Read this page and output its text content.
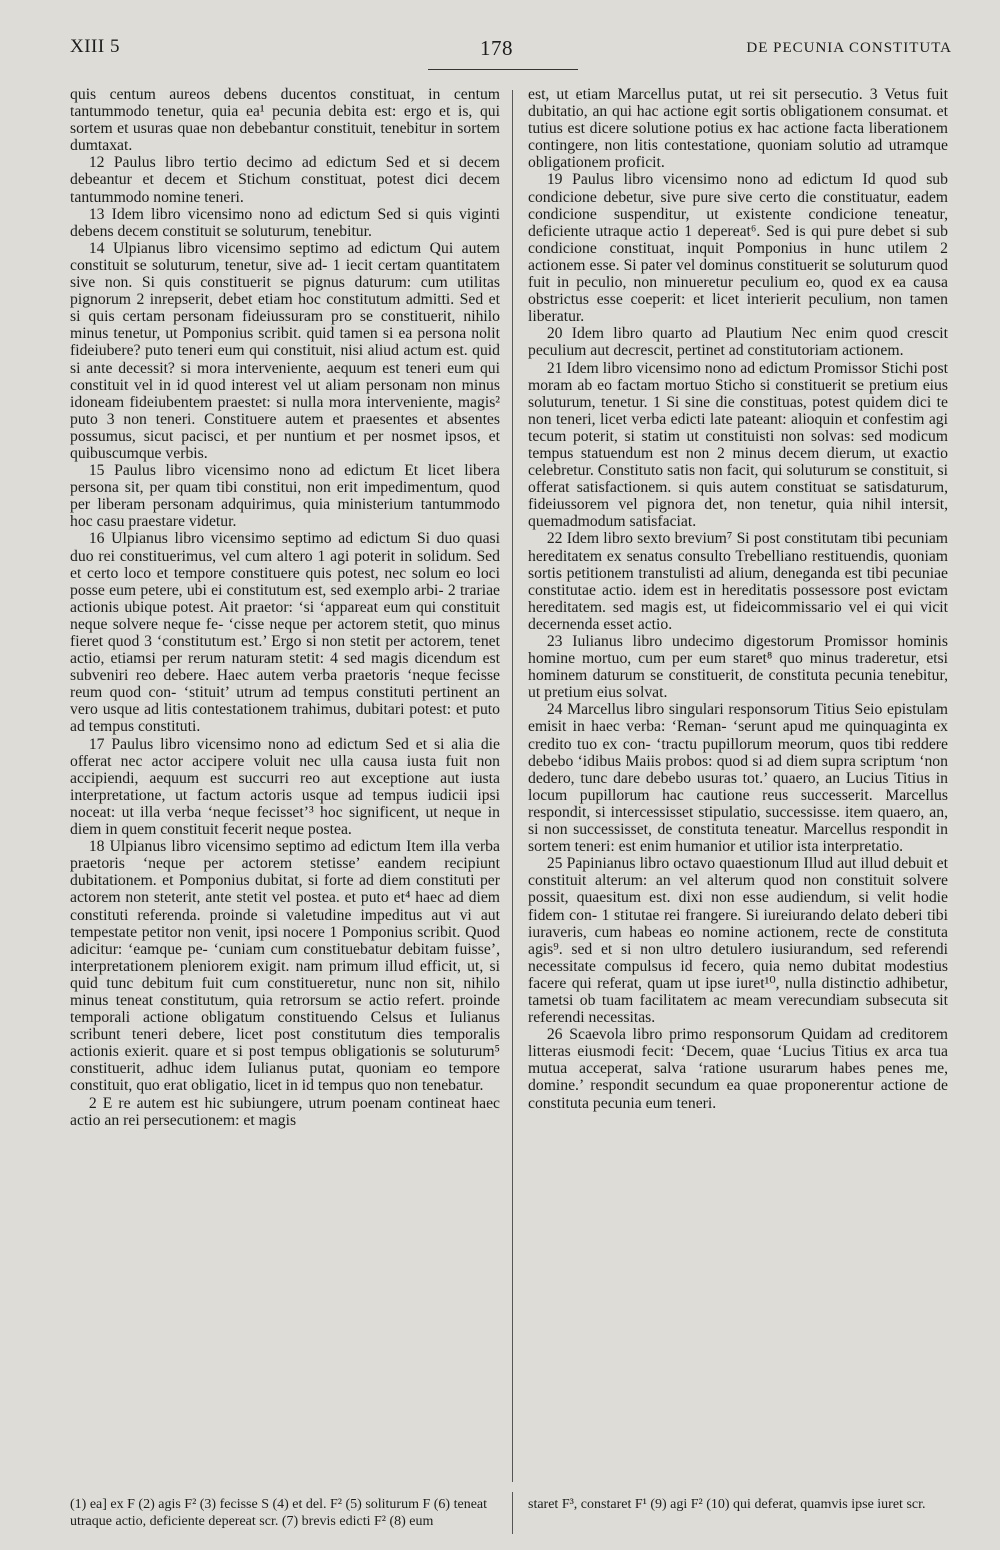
XIII 5	178	DE PECUNIA CONSTITUTA

quis centum aureos debens ducentos constituat, in centum tantummodo tenetur, quia ea¹ pecunia debita est: ergo et is, qui sortem et usuras quae non debebantur constituit, tenebitur in sortem dumtaxat.

12 Paulus libro tertio decimo ad edictum Sed et si decem debeantur et decem et Stichum constituat, potest dici decem tantummodo nomine teneri.

13 Idem libro vicensimo nono ad edictum Sed si quis viginti debens decem constituit se soluturum, tenebitur.

14 Ulpianus libro vicensimo septimo ad edictum Qui autem constituit se soluturum, tenetur, sive ad- 1 iecit certam quantitatem sive non. Si quis constituerit se pignus daturum: cum utilitas pignorum 2 inrepserit, debet etiam hoc constitutum admitti. Sed et si quis certam personam fideiussuram pro se constituerit, nihilo minus tenetur, ut Pomponius scribit. quid tamen si ea persona nolit fideiubere? puto teneri eum qui constituit, nisi aliud actum est. quid si ante decessit? si mora interveniente, aequum est teneri eum qui constituit vel in id quod interest vel ut aliam personam non minus idoneam fideiubentem praestet: si nulla mora interveniente, magis² puto 3 non teneri. Constituere autem et praesentes et absentes possumus, sicut pacisci, et per nuntium et per nosmet ipsos, et quibuscumque verbis.

15 Paulus libro vicensimo nono ad edictum Et licet libera persona sit, per quam tibi constitui, non erit impedimentum, quod per liberam personam adquirimus, quia ministerium tantummodo hoc casu praestare videtur.

16 Ulpianus libro vicensimo septimo ad edictum Si duo quasi duo rei constituerimus, vel cum altero 1 agi poterit in solidum. Sed et certo loco et tempore constituere quis potest, nec solum eo loci posse eum petere, ubi ei constitutum est, sed exemplo arbi- 2 trariae actionis ubique potest. Ait praetor: ‘si ‘appareat eum qui constituit neque solvere neque fe- ‘cisse neque per actorem stetit, quo minus fieret quod 3 ‘constitutum est.’ Ergo si non stetit per actorem, tenet actio, etiamsi per rerum naturam stetit: 4 sed magis dicendum est subveniri reo debere. Haec autem verba praetoris ‘neque fecisse reum quod con- ‘stituit’ utrum ad tempus constituti pertinent an vero usque ad litis contestationem trahimus, dubitari potest: et puto ad tempus constituti.

17 Paulus libro vicensimo nono ad edictum Sed et si alia die offerat nec actor accipere voluit nec ulla causa iusta fuit non accipiendi, aequum est succurri reo aut exceptione aut iusta interpretatione, ut factum actoris usque ad tempus iudicii ipsi noceat: ut illa verba ‘neque fecisset’³ hoc significent, ut neque in diem in quem constituit fecerit neque postea.

18 Ulpianus libro vicensimo septimo ad edictum Item illa verba praetoris ‘neque per actorem stetisse’ eandem recipiunt dubitationem. et Pomponius dubitat, si forte ad diem constituti per actorem non steterit, ante stetit vel postea. et puto et⁴ haec ad diem constituti referenda. proinde si valetudine impeditus aut vi aut tempestate petitor non venit, ipsi nocere 1 Pomponius scribit. Quod adicitur: ‘eamque pe- ‘cuniam cum constituebatur debitam fuisse’, interpretationem pleniorem exigit. nam primum illud efficit, ut, si quid tunc debitum fuit cum constitueretur, nunc non sit, nihilo minus teneat constitutum, quia retrorsum se actio refert. proinde temporali actione obligatum constituendo Celsus et Iulianus scribunt teneri debere, licet post constitutum dies temporalis actionis exierit. quare et si post tempus obligationis se soluturum⁵ constituerit, adhuc idem Iulianus putat, quoniam eo tempore constituit, quo erat obligatio, licet in id tempus quo non tenebatur.

2 E re autem est hic subiungere, utrum poenam contineat haec actio an rei persecutionem: et magis

est, ut etiam Marcellus putat, ut rei sit persecutio. 3 Vetus fuit dubitatio, an qui hac actione egit sortis obligationem consumat. et tutius est dicere solutione potius ex hac actione facta liberationem contingere, non litis contestatione, quoniam solutio ad utramque obligationem proficit.

19 Paulus libro vicensimo nono ad edictum Id quod sub condicione debetur, sive pure sive certo die constituatur, eadem condicione suspenditur, ut existente condicione teneatur, deficiente utraque actio 1 depereat⁶. Sed is qui pure debet si sub condicione constituat, inquit Pomponius in hunc utilem 2 actionem esse. Si pater vel dominus constituerit se soluturum quod fuit in peculio, non minueretur peculium eo, quod ex ea causa obstrictus esse coeperit: et licet interierit peculium, non tamen liberatur.

20 Idem libro quarto ad Plautium Nec enim quod crescit peculium aut decrescit, pertinet ad constitutoriam actionem.

21 Idem libro vicensimo nono ad edictum Promissor Stichi post moram ab eo factam mortuo Sticho si constituerit se pretium eius soluturum, tenetur. 1 Si sine die constituas, potest quidem dici te non teneri, licet verba edicti late pateant: alioquin et confestim agi tecum poterit, si statim ut constituisti non solvas: sed modicum tempus statuendum est non 2 minus decem dierum, ut exactio celebretur. Constituto satis non facit, qui soluturum se constituit, si offerat satisfactionem. si quis autem constituat se satisdaturum, fideiussorem vel pignora det, non tenetur, quia nihil intersit, quemadmodum satisfaciat.

22 Idem libro sexto brevium⁷ Si post constitutam tibi pecuniam hereditatem ex senatus consulto Trebelliano restituendis, quoniam sortis petitionem transtulisti ad alium, deneganda est tibi pecuniae constitutae actio. idem est in hereditatis possessore post evictam hereditatem. sed magis est, ut fideicommissario vel ei qui vicit decernenda esset actio.

23 Iulianus libro undecimo digestorum Promissor hominis homine mortuo, cum per eum staret⁸ quo minus traderetur, etsi hominem daturum se constituerit, de constituta pecunia tenebitur, ut pretium eius solvat.

24 Marcellus libro singulari responsorum Titius Seio epistulam emisit in haec verba: ‘Reman- ‘serunt apud me quinquaginta ex credito tuo ex con- ‘tractu pupillorum meorum, quos tibi reddere debebo ‘idibus Maiis probos: quod si ad diem supra scriptum ‘non dedero, tunc dare debebo usuras tot.’ quaero, an Lucius Titius in locum pupillorum hac cautione reus successerit. Marcellus respondit, si intercessisset stipulatio, successisse. item quaero, an, si non successisset, de constituta teneatur. Marcellus respondit in sortem teneri: est enim humanior et utilior ista interpretatio.

25 Papinianus libro octavo quaestionum Illud aut illud debuit et constituit alterum: an vel alterum quod non constituit solvere possit, quaesitum est. dixi non esse audiendum, si velit hodie fidem con- 1 stitutae rei frangere. Si iureiurando delato deberi tibi iuraveris, cum habeas eo nomine actionem, recte de constituta agis⁹. sed et si non ultro detulero iusiurandum, sed referendi necessitate compulsus id fecero, quia nemo dubitat modestius facere qui referat, quam ut ipse iuret¹⁰, nulla distinctio adhibetur, tametsi ob tuam facilitatem ac meam verecundiam subsecuta sit referendi necessitas.

26 Scaevola libro primo responsorum Quidam ad creditorem litteras eiusmodi fecit: ‘Decem, quae ‘Lucius Titius ex arca tua mutua acceperat, salva ‘ratione usurarum habes penes me, domine.’ respondit secundum ea quae proponerentur actione de constituta pecunia eum teneri.

(1) ea] ex F (2) agis F² (3) fecisse S (4) et del. F² (5) soliturum F (6) teneat utraque actio, deficiente depereat scr. (7) brevis edicti F² (8) eum
staret F³, constaret F¹ (9) agi F² (10) qui deferat, quamvis ipse iuret scr.
